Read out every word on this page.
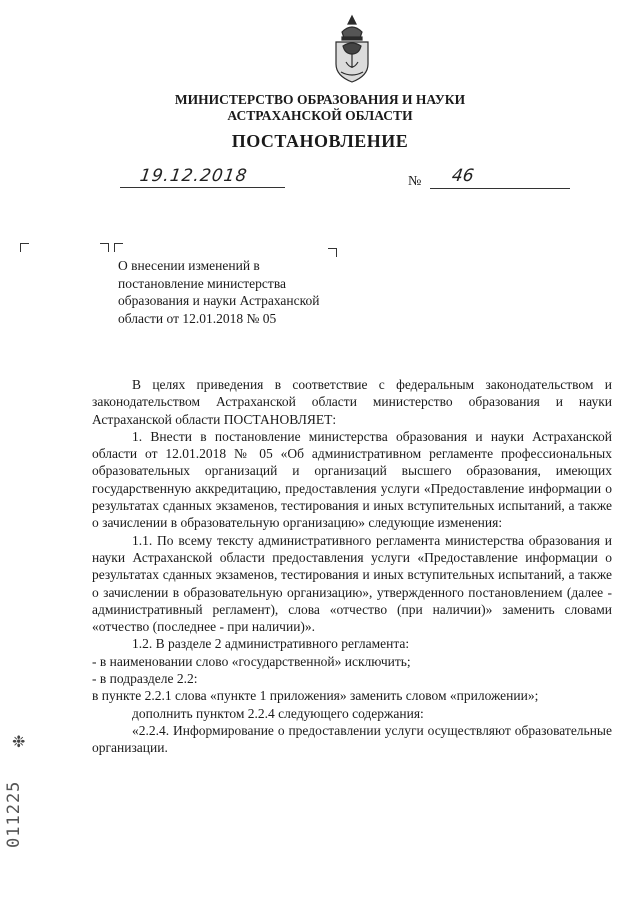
МИНИСТЕРСТВО ОБРАЗОВАНИЯ И НАУКИ
АСТРАХАНСКОЙ ОБЛАСТИ
ПОСТАНОВЛЕНИЕ
19.12.2018	№ 46
О внесении изменений в
постановление министерства
образования и науки Астраханской
области от 12.01.2018 № 05

В целях приведения в соответствие с федеральным законодательством и законодательством Астраханской области министерство образования и науки Астраханской области ПОСТАНОВЛЯЕТ:

1. Внести в постановление министерства образования и науки Астраханской области от 12.01.2018 № 05 «Об административном регламенте профессиональных образовательных организаций и организаций высшего образования, имеющих государственную аккредитацию, предоставления услуги «Предоставление информации о результатах сданных экзаменов, тестирования и иных вступительных испытаний, а также о зачислении в образовательную организацию» следующие изменения:

1.1. По всему тексту административного регламента министерства образования и науки Астраханской области предоставления услуги «Предоставление информации о результатах сданных экзаменов, тестирования и иных вступительных испытаний, а также о зачислении в образовательную организацию», утвержденного постановлением (далее - административный регламент), слова «отчество (при наличии)» заменить словами «отчество (последнее - при наличии)».

1.2. В разделе 2 административного регламента:

- в наименовании слово «государственной» исключить;

- в подразделе 2.2:

в пункте 2.2.1 слова «пункте 1 приложения» заменить словом «приложении»;

дополнить пунктом 2.2.4 следующего содержания:

«2.2.4. Информирование о предоставлении услуги осуществляют образовательные организации.

❉
011225
